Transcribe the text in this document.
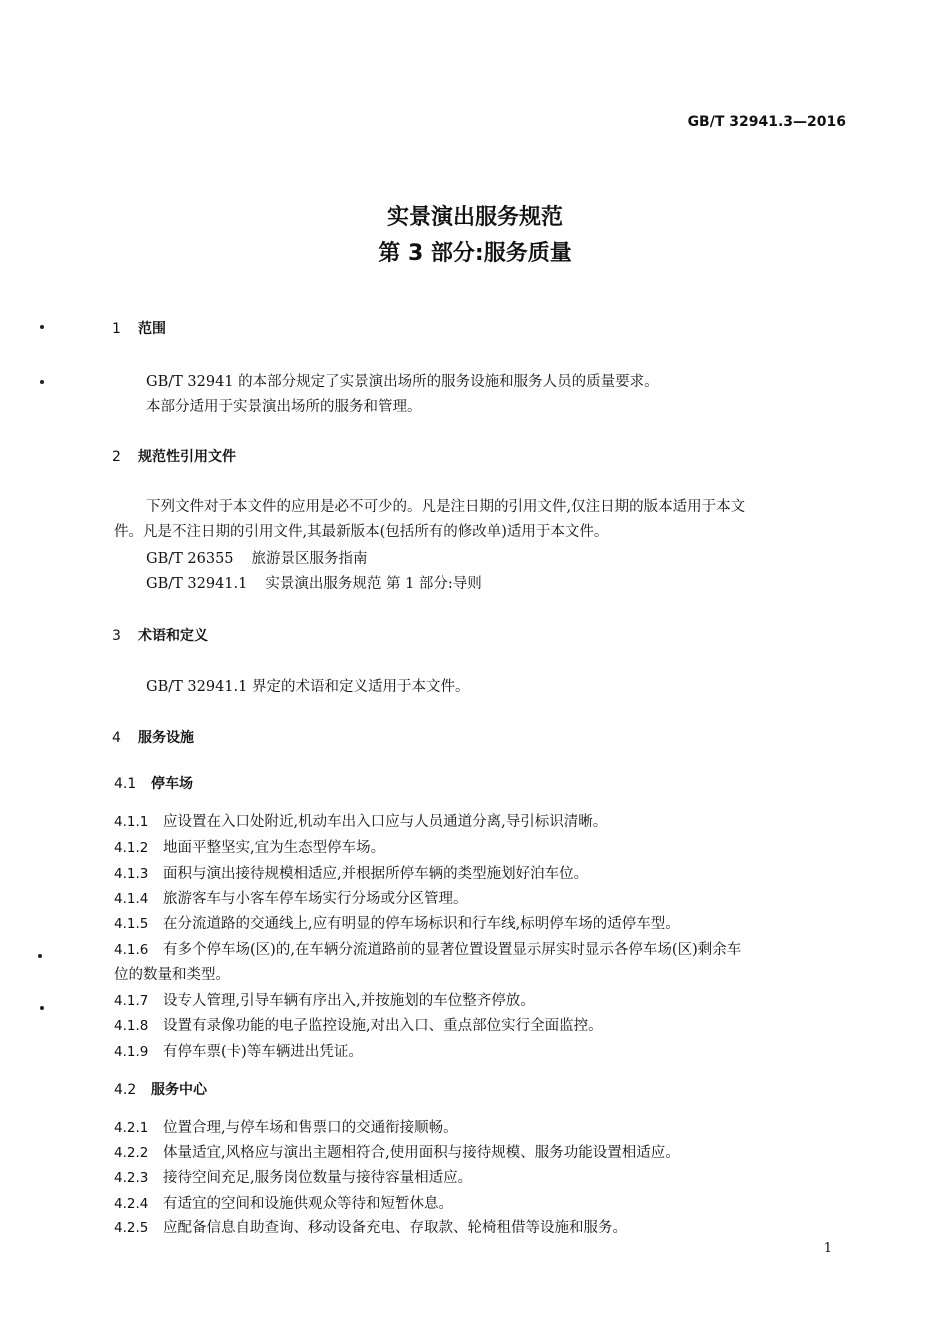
GB/T 32941.3—2016
实景演出服务规范
第 3 部分:服务质量
1 范围
GB/T 32941 的本部分规定了实景演出场所的服务设施和服务人员的质量要求。
本部分适用于实景演出场所的服务和管理。
2 规范性引用文件
下列文件对于本文件的应用是必不可少的。凡是注日期的引用文件,仅注日期的版本适用于本文
件。凡是不注日期的引用文件,其最新版本(包括所有的修改单)适用于本文件。
GB/T 26355 旅游景区服务指南
GB/T 32941.1 实景演出服务规范 第 1 部分:导则
3 术语和定义
GB/T 32941.1 界定的术语和定义适用于本文件。
4 服务设施
4.1 停车场
4.1.1 应设置在入口处附近,机动车出入口应与人员通道分离,导引标识清晰。
4.1.2 地面平整坚实,宜为生态型停车场。
4.1.3 面积与演出接待规模相适应,并根据所停车辆的类型施划好泊车位。
4.1.4 旅游客车与小客车停车场实行分场或分区管理。
4.1.5 在分流道路的交通线上,应有明显的停车场标识和行车线,标明停车场的适停车型。
4.1.6 有多个停车场(区)的,在车辆分流道路前的显著位置设置显示屏实时显示各停车场(区)剩余车
位的数量和类型。
4.1.7 设专人管理,引导车辆有序出入,并按施划的车位整齐停放。
4.1.8 设置有录像功能的电子监控设施,对出入口、重点部位实行全面监控。
4.1.9 有停车票(卡)等车辆进出凭证。
4.2 服务中心
4.2.1 位置合理,与停车场和售票口的交通衔接顺畅。
4.2.2 体量适宜,风格应与演出主题相符合,使用面积与接待规模、服务功能设置相适应。
4.2.3 接待空间充足,服务岗位数量与接待容量相适应。
4.2.4 有适宜的空间和设施供观众等待和短暂休息。
4.2.5 应配备信息自助查询、移动设备充电、存取款、轮椅租借等设施和服务。
1
